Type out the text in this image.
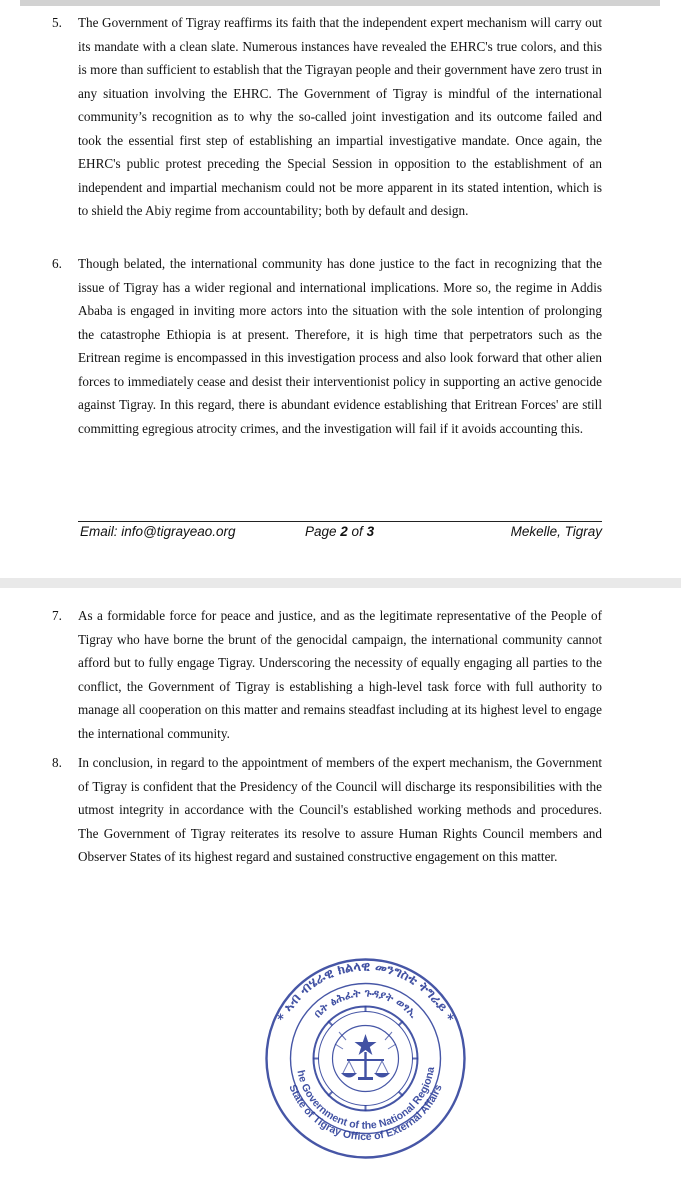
5. The Government of Tigray reaffirms its faith that the independent expert mechanism will carry out its mandate with a clean slate. Numerous instances have revealed the EHRC's true colors, and this is more than sufficient to establish that the Tigrayan people and their government have zero trust in any situation involving the EHRC. The Government of Tigray is mindful of the international community’s recognition as to why the so-called joint investigation and its outcome failed and took the essential first step of establishing an impartial investigative mandate. Once again, the EHRC's public protest preceding the Special Session in opposition to the establishment of an independent and impartial mechanism could not be more apparent in its stated intention, which is to shield the Abiy regime from accountability; both by default and design.
6. Though belated, the international community has done justice to the fact in recognizing that the issue of Tigray has a wider regional and international implications. More so, the regime in Addis Ababa is engaged in inviting more actors into the situation with the sole intention of prolonging the catastrophe Ethiopia is at present. Therefore, it is high time that perpetrators such as the Eritrean regime is encompassed in this investigation process and also look forward that other alien forces to immediately cease and desist their interventionist policy in supporting an active genocide against Tigray. In this regard, there is abundant evidence establishing that Eritrean Forces' are still committing egregious atrocity crimes, and the investigation will fail if it avoids accounting this.
Email: info@tigrayeao.org	Page 2 of 3	Mekelle, Tigray
7. As a formidable force for peace and justice, and as the legitimate representative of the People of Tigray who have borne the brunt of the genocidal campaign, the international community cannot afford but to fully engage Tigray. Underscoring the necessity of equally engaging all parties to the conflict, the Government of Tigray is establishing a high-level task force with full authority to manage all cooperation on this matter and remains steadfast including at its highest level to engage the international community.
8. In conclusion, in regard to the appointment of members of the expert mechanism, the Government of Tigray is confident that the Presidency of the Council will discharge its responsibilities with the utmost integrity in accordance with the Council's established working methods and procedures. The Government of Tigray reiterates its resolve to assure Human Rights Council members and Observer States of its highest regard and sustained constructive engagement on this matter.
* ኣብ ብሄራዊ ክልላዊ መንግስቲ ትግራይ *
ቤት ፅሕፈት ጉዳያት ወፃኢ
he Government of the National Regiona
State of Tigray Office of External Affairs
